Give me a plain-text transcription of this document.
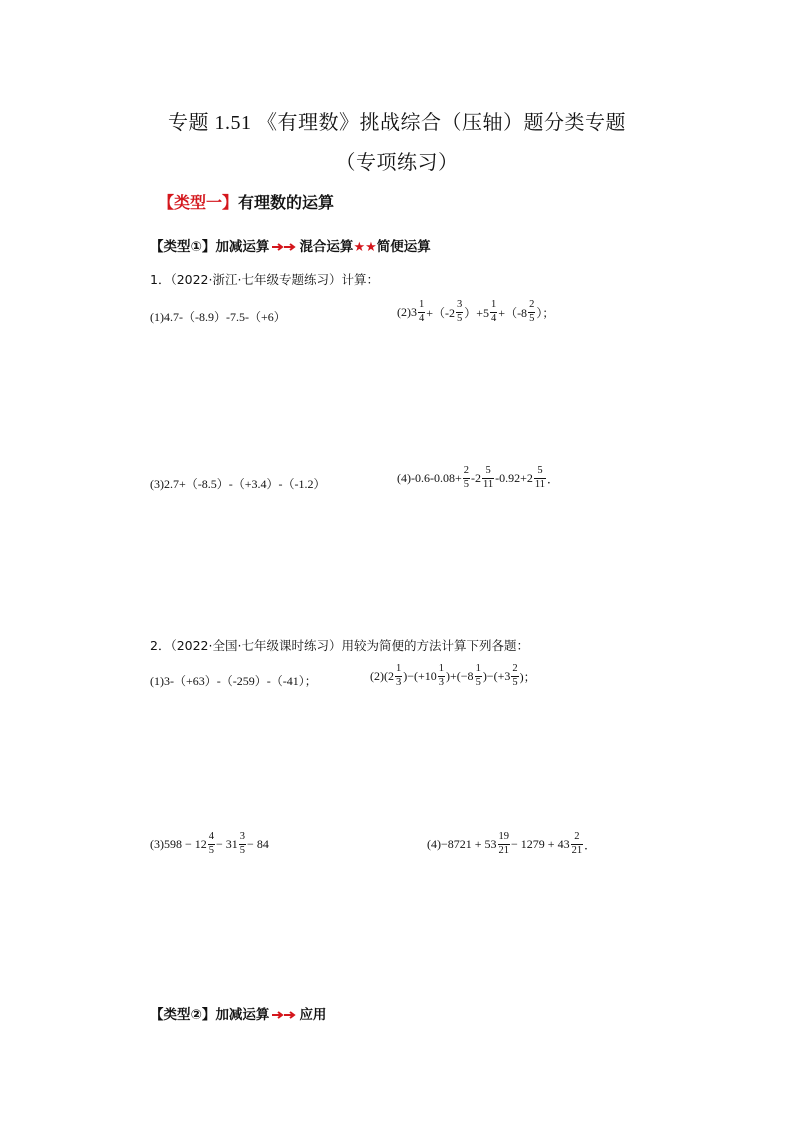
专题 1.51 《有理数》挑战综合（压轴）题分类专题
（专项练习）
【类型一】有理数的运算
【类型①】加减运算 混合运算★★简便运算
1．（2022·浙江·七年级专题练习）计算：
(1)4.7-（-8.9）-7.5-（+6）	$(2)3 \frac{1}{4} +(-2 \frac{3}{5} )+5 \frac{1}{4} +(-8 \frac{2}{5}$ ）；
(3)2.7+（-8.5）-（+3.4）-（-1.2）	$(4)-0.6-0.08+ \frac{2}{5} -2 \frac{5}{11} -0.92+2 \frac{5}{11}$ ．
2．（2022·全国·七年级课时练习）用较为简便的方法计算下列各题：
(1)3-（+63）-（-259）-（-41）；	$(2)(2 \frac{1}{3} )-(+10 \frac{1}{3} )+(-8 \frac{1}{5} )-(+3 \frac{2}{5}$ )；
$(3)598 - 12 \frac{4}{5} - 31 \frac{3}{5} - 84$	$(4)-8721 + 53 \frac{19}{21} - 1279 + 43 \frac{2}{21}$ ．
【类型②】加减运算 应用
